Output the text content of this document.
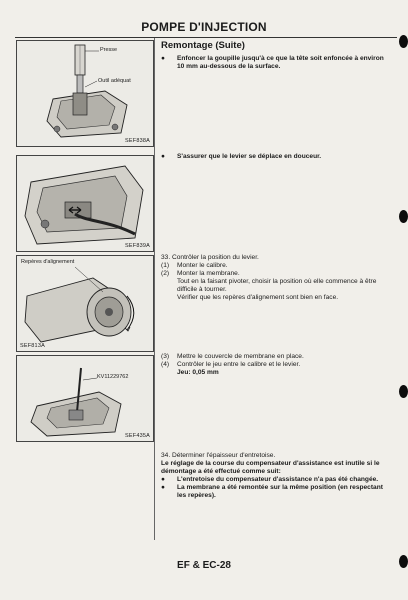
POMPE D'INJECTION
Presse
Outil adéquat
SEF838A
SEF839A
Repères d'alignement
SEF813A
KV11229762
SEF435A
Remontage (Suite)
●	Enfoncer la goupille jusqu'à ce que la tête soit enfoncée à environ 10 mm au-dessous de la surface.
●	S'assurer que le levier se déplace en douceur.
33. Contrôler la position du levier.
(1)	Monter le calibre.
(2)	Monter la membrane.
Tout en la faisant pivoter, choisir la position où elle commence à être difficile à tourner.
Vérifier que les repères d'alignement sont bien en face.
(3)	Mettre le couvercle de membrane en place.
(4)	Contrôler le jeu entre le calibre et le levier.
Jeu: 0,05 mm
34. Déterminer l'épaisseur d'entretoise.
Le réglage de la course du compensateur d'assistance est inutile si le démontage a été effectué comme suit:
●	L'entretoise du compensateur d'assistance n'a pas été changée.
●	La membrane a été remontée sur la même position (en respectant les repères).
EF & EC-28
